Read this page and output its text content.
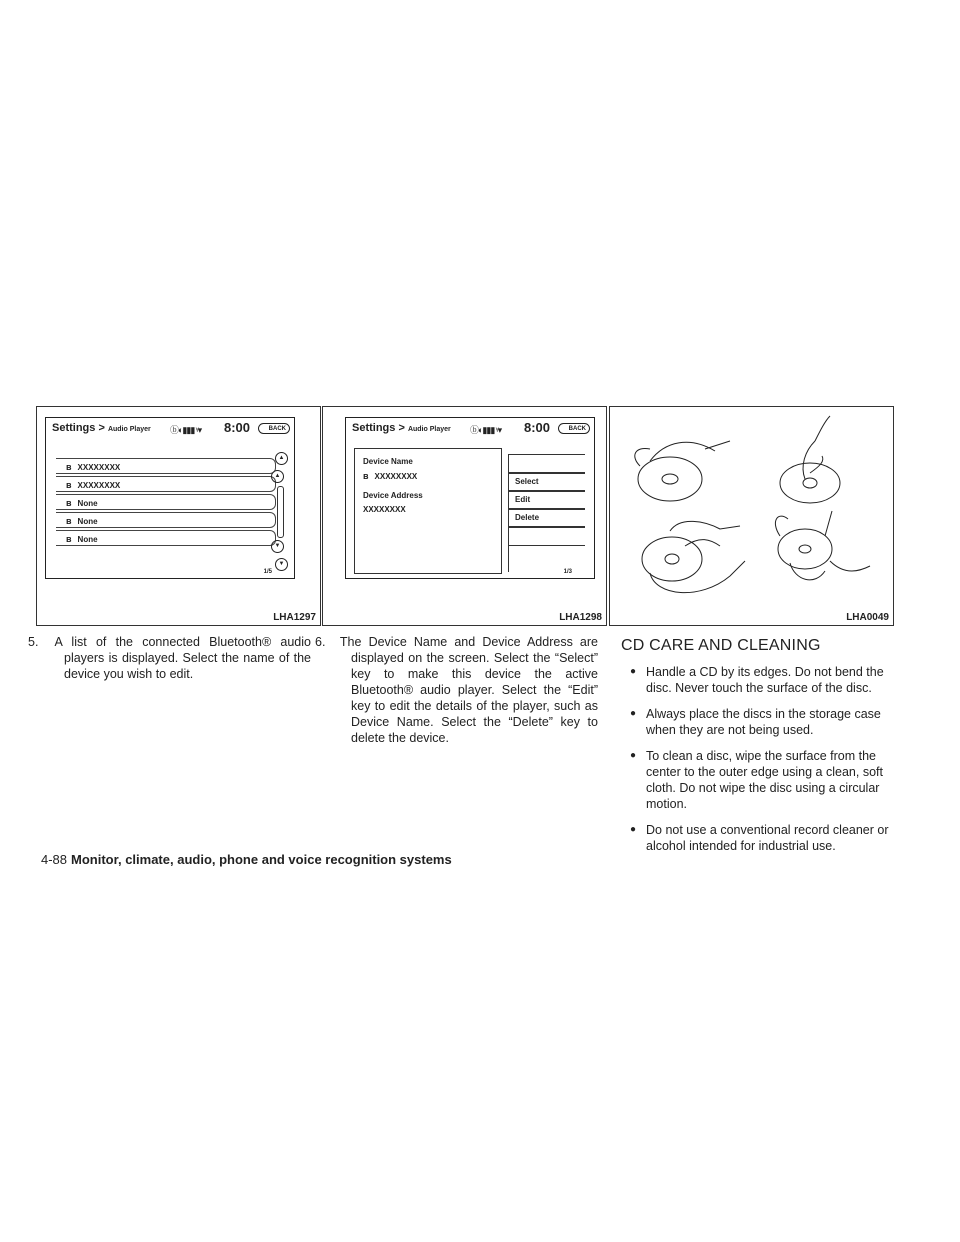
Settings > Audio Player ⓑ◐▮▮▮ ᵞ▾ 8:00	BACK
ʙ XXXXXXXX
ʙ XXXXXXXX
ʙ None
ʙ None
ʙ None
▲
▲
▼
▼
1/5
LHA1297
Settings > Audio Player ⓑ◐▮▮▮ ᵞ▾ 8:00	BACK
Device Name
ʙ XXXXXXXX
Device Address
XXXXXXXX
Select
Edit
Delete
1/3
LHA1298	LHA0049
5. A list of the connected Bluetooth® audio players is displayed. Select the name of the device you wish to edit.
6. The Device Name and Device Address are displayed on the screen. Select the “Select” key to make this device the active Bluetooth® audio player. Select the “Edit” key to edit the details of the player, such as Device Name. Select the “Delete” key to delete the device.
CD CARE AND CLEANING
● Handle a CD by its edges. Do not bend the disc. Never touch the surface of the disc.
● Always place the discs in the storage case when they are not being used.
● To clean a disc, wipe the surface from the center to the outer edge using a clean, soft cloth. Do not wipe the disc using a circular motion.
● Do not use a conventional record cleaner or alcohol intended for industrial use.
4-88 Monitor, climate, audio, phone and voice recognition systems
